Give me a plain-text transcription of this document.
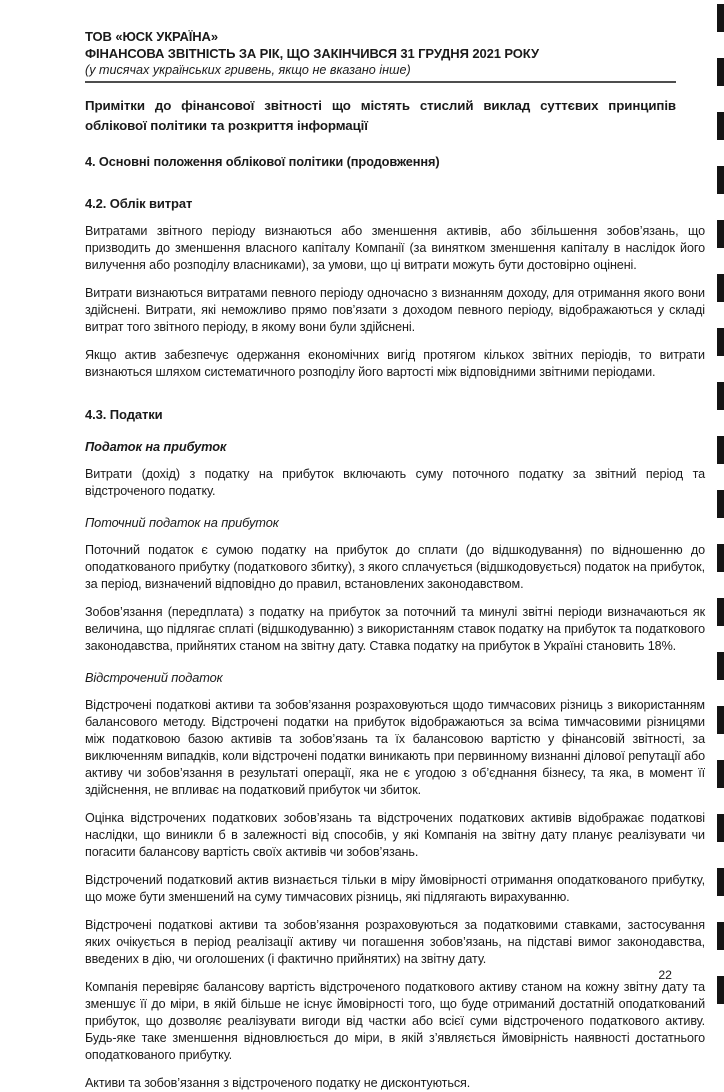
ТОВ «ЮСК УКРАЇНА»
ФІНАНСОВА ЗВІТНІСТЬ ЗА РІК, ЩО ЗАКІНЧИВСЯ 31 ГРУДНЯ 2021 РОКУ
(у тисячах українських гривень, якщо не вказано інше)
Примітки до фінансової звітності що містять стислий виклад суттєвих принципів облікової політики та розкриття інформації
4. Основні положення облікової політики (продовження)
4.2. Облік витрат

Витратами звітного періоду визнаються або зменшення активів, або збільшення зобов’язань, що призводить до зменшення власного капіталу Компанії (за винятком зменшення капіталу в наслідок його вилучення або розподілу власниками), за умови, що ці витрати можуть бути достовірно оцінені.

Витрати визнаються витратами певного періоду одночасно з визнанням доходу, для отримання якого вони здійснені. Витрати, які неможливо прямо пов’язати з доходом певного періоду, відображаються у складі витрат того звітного періоду, в якому вони були здійснені.

Якщо актив забезпечує одержання економічних вигід протягом кількох звітних періодів, то витрати визнаються шляхом систематичного розподілу його вартості між відповідними звітними періодами.

4.3. Податки
Податок на прибуток

Витрати (дохід) з податку на прибуток включають суму поточного податку за звітний період та відстроченого податку.

Поточний податок на прибуток

Поточний податок є сумою податку на прибуток до сплати (до відшкодування) по відношенню до оподаткованого прибутку (податкового збитку), з якого сплачується (відшкодовується) податок на прибуток, за період, визначений відповідно до правил, встановлених законодавством.

Зобов’язання (передплата) з податку на прибуток за поточний та минулі звітні періоди визначаються як величина, що підлягає сплаті (відшкодуванню) з використанням ставок податку на прибуток та податкового законодавства, прийнятих станом на звітну дату. Ставка податку на прибуток в Україні становить 18%.

Відстрочений податок

Відстрочені податкові активи та зобов’язання розраховуються щодо тимчасових різниць з використанням балансового методу. Відстрочені податки на прибуток відображаються за всіма тимчасовими різницями між податковою базою активів та зобов’язань та їх балансовою вартістю у фінансовій звітності, за виключенням випадків, коли відстрочені податки виникають при первинному визнанні ділової репутації або активу чи зобов’язання в результаті операції, яка не є угодою з об’єднання бізнесу, та яка, в момент її здійснення, не впливає на податковий прибуток чи збиток.

Оцінка відстрочених податкових зобов’язань та відстрочених податкових активів відображає податкові наслідки, що виникли б в залежності від способів, у які Компанія на звітну дату планує реалізувати чи погасити балансову вартість своїх активів чи зобов’язань.

Відстрочений податковий актив визнається тільки в міру ймовірності отримання оподаткованого прибутку, що може бути зменшений на суму тимчасових різниць, які підлягають вирахуванню.

Відстрочені податкові активи та зобов’язання розраховуються за податковими ставками, застосування яких очікується в період реалізації активу чи погашення зобов’язань, на підставі вимог законодавства, введених в дію, чи оголошених (і фактично прийнятих) на звітну дату.

Компанія перевіряє балансову вартість відстроченого податкового активу станом на кожну звітну дату та зменшує її до міри, в якій більше не існує ймовірності того, що буде отриманий достатній оподаткований прибуток, що дозволяє реалізувати вигоди від частки або всієї суми відстроченого податкового активу. Будь-яке таке зменшення відновлюється до міри, в якій з’являється ймовірність наявності достатнього оподаткованого прибутку.

Активи та зобов’язання з відстроченого податку не дисконтуються.

22
